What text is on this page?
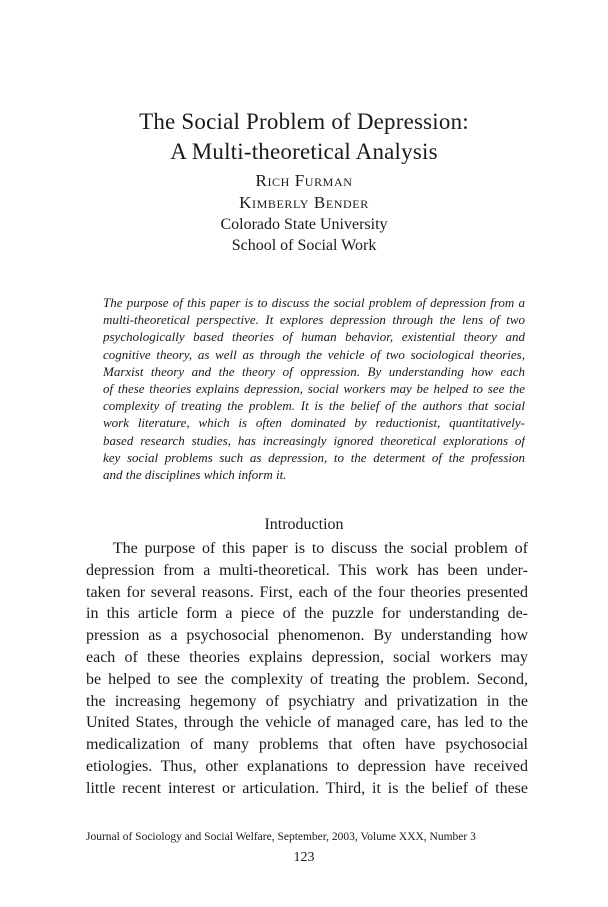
The Social Problem of Depression:
A Multi-theoretical Analysis
Rich Furman
Kimberly Bender
Colorado State University
School of Social Work
The purpose of this paper is to discuss the social problem of depression from a
multi-theoretical perspective. It explores depression through the lens of two
psychologically based theories of human behavior, existential theory and
cognitive theory, as well as through the vehicle of two sociological theories,
Marxist theory and the theory of oppression. By understanding how each
of these theories explains depression, social workers may be helped to see the
complexity of treating the problem. It is the belief of the authors that social
work literature, which is often dominated by reductionist, quantitatively-
based research studies, has increasingly ignored theoretical explorations of
key social problems such as depression, to the determent of the profession
and the disciplines which inform it.
Introduction
The purpose of this paper is to discuss the social problem of
depression from a multi-theoretical. This work has been under-
taken for several reasons. First, each of the four theories presented
in this article form a piece of the puzzle for understanding de-
pression as a psychosocial phenomenon. By understanding how
each of these theories explains depression, social workers may
be helped to see the complexity of treating the problem. Second,
the increasing hegemony of psychiatry and privatization in the
United States, through the vehicle of managed care, has led to the
medicalization of many problems that often have psychosocial
etiologies. Thus, other explanations to depression have received
little recent interest or articulation. Third, it is the belief of these
Journal of Sociology and Social Welfare, September, 2003, Volume XXX, Number 3
123
